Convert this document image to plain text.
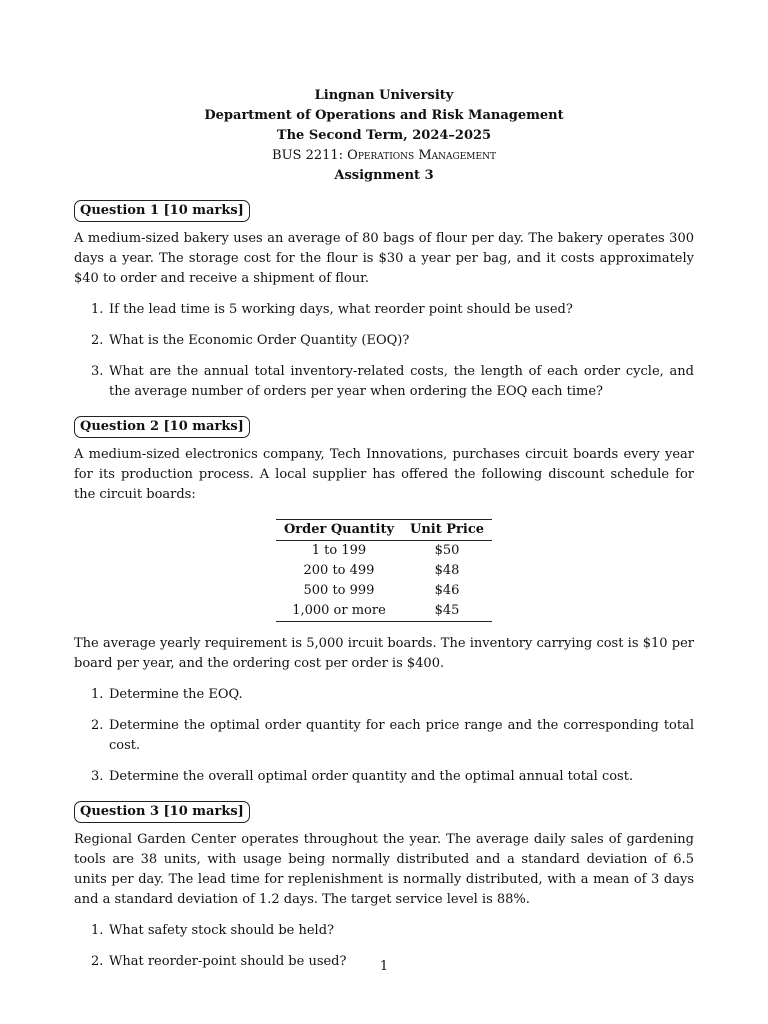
Lingnan University
Department of Operations and Risk Management
The Second Term, 2024–2025
BUS 2211: Operations Management
Assignment 3
Question 1 [10 marks]

A medium-sized bakery uses an average of 80 bags of flour per day. The bakery operates 300 days a year. The storage cost for the flour is $30 a year per bag, and it costs approximately $40 to order and receive a shipment of flour.

1. If the lead time is 5 working days, what reorder point should be used?
2. What is the Economic Order Quantity (EOQ)?
3. What are the annual total inventory-related costs, the length of each order cycle, and the average number of orders per year when ordering the EOQ each time?
Question 2 [10 marks]

A medium-sized electronics company, Tech Innovations, purchases circuit boards every year for its production process. A local supplier has offered the following discount schedule for the circuit boards:

Order Quantity	Unit Price
1 to 199	$50
200 to 499	$48
500 to 999	$46
1,000 or more	$45

The average yearly requirement is 5,000 ircuit boards. The inventory carrying cost is $10 per board per year, and the ordering cost per order is $400.

1. Determine the EOQ.
2. Determine the optimal order quantity for each price range and the corresponding total cost.
3. Determine the overall optimal order quantity and the optimal annual total cost.
Question 3 [10 marks]

Regional Garden Center operates throughout the year. The average daily sales of gardening tools are 38 units, with usage being normally distributed and a standard deviation of 6.5 units per day. The lead time for replenishment is normally distributed, with a mean of 3 days and a standard deviation of 1.2 days. The target service level is 88%.

1. What safety stock should be held?
2. What reorder-point should be used?	1
